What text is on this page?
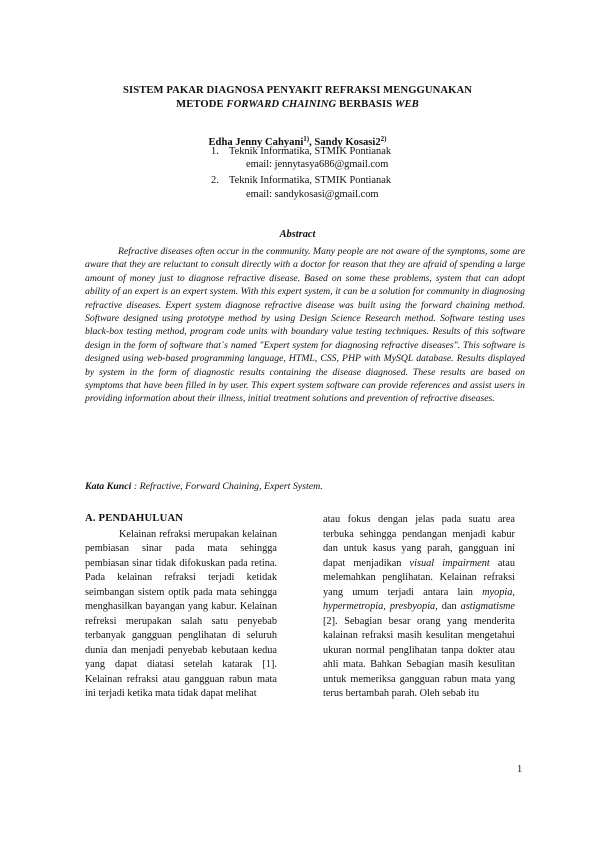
SISTEM PAKAR DIAGNOSA PENYAKIT REFRAKSI MENGGUNAKAN
METODE FORWARD CHAINING BERBASIS WEB
Edha Jenny Cahyani$^{1)}$, Sandy Kosasi2$^{2)}$
1. Teknik Informatika, STMIK Pontianak
email: jennytasya686@gmail.com
2. Teknik Informatika, STMIK Pontianak
email: sandykosasi@gmail.com
Abstract

Refractive diseases often occur in the community. Many people are not aware of the symptoms, some are aware that they are reluctant to consult directly with a doctor for reason that they are afraid of spending a large amount of money just to diagnose refractive disease. Based on some these problems, system that can adopt ability of an expert is an expert system. With this expert system, it can be a solution for community in diagnosing refractive diseases. Expert system diagnose refractive disease was built using the forward chaining method. Software designed using prototype method by using Design Science Research method. Software testing uses black-box testing method, program code units with boundary value testing techniques. Results of this software design in the form of software that`s named "Expert system for diagnosing refractive diseases". This software is designed using web-based programming language, HTML, CSS, PHP with MySQL database. Results displayed by system in the form of diagnostic results containing the disease diagnosed. These results are based on symptoms that have been filled in by user. This expert system software can provide references and assist users in providing information about their illness, initial treatment solutions and prevention of refractive diseases.

Kata Kunci : Refractive, Forward Chaining, Expert System.
A. PENDAHULUAN

Kelainan refraksi merupakan kelainan pembiasan sinar pada mata sehingga pembiasan sinar tidak difokuskan pada retina. Pada kelainan refraksi terjadi ketidak seimbangan sistem optik pada mata sehingga menghasilkan bayangan yang kabur. Kelainan refreksi merupakan salah satu penyebab terbanyak gangguan penglihatan di seluruh dunia dan menjadi penyebab kebutaan kedua yang dapat diatasi setelah katarak [1]. Kelainan refraksi atau gangguan rabun mata ini terjadi ketika mata tidak dapat melihat

atau fokus dengan jelas pada suatu area terbuka sehingga pendangan menjadi kabur dan untuk kasus yang parah, gangguan ini dapat menjadikan visual impairment atau melemahkan penglihatan. Kelainan refraksi yang umum terjadi antara lain myopia, hypermetropia, presbyopia, dan astigmatisme [2]. Sebagian besar orang yang menderita kalainan refraksi masih kesulitan mengetahui ukuran normal penglihatan tanpa dokter atau ahli mata. Bahkan Sebagian masih kesulitan untuk memeriksa gangguan rabun mata yang terus bertambah parah. Oleh sebab itu

1
